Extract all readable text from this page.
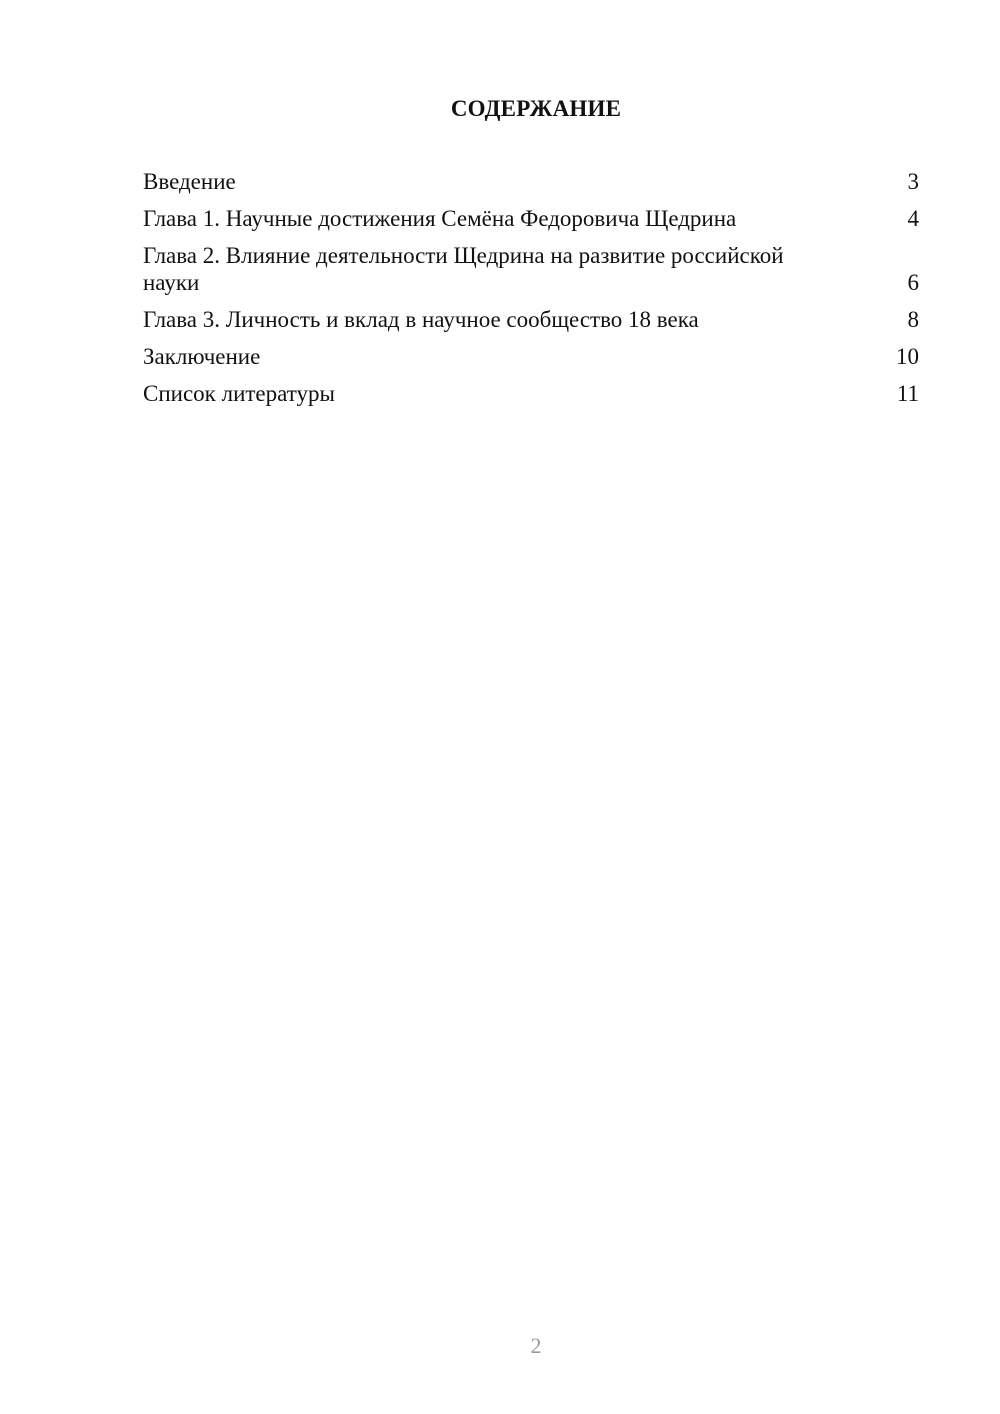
СОДЕРЖАНИЕ
Введение	3
Глава 1. Научные достижения Семёна Федоровича Щедрина	4
Глава 2. Влияние деятельности Щедрина на развитие российской науки	6
Глава 3. Личность и вклад в научное сообщество 18 века	8
Заключение	10
Список литературы	11
2
